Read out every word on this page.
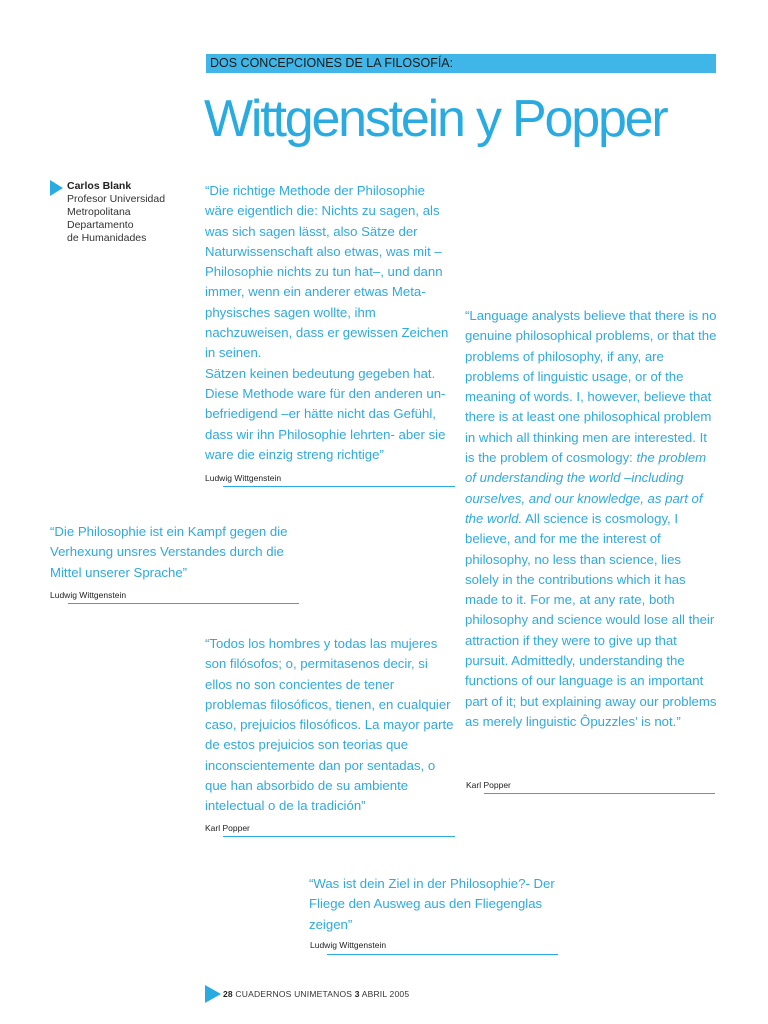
DOS CONCEPCIONES DE LA FILOSOFÍA:
Wittgenstein y Popper
Carlos Blank
Profesor Universidad
Metropolitana
Departamento
de Humanidades

“Die richtige Methode der Philosophie wäre eigentlich die: Nichts zu sagen, als was sich sagen lässt, also Sätze der Naturwissenschaft also etwas, was mit – Philosophie nichts zu tun hat–, und dann immer, wenn ein anderer etwas Meta-physisches sagen wollte, ihm nachzuweisen, dass er gewissen Zeichen in seinen.

Sätzen keinen bedeutung gegeben hat. Diese Methode ware für den anderen un-befriedigend –er hätte nicht das Gefühl, dass wir ihn Philosophie lehrten- aber sie ware die einzig streng richtige”

Ludwig Wittgenstein

“Die Philosophie ist ein Kampf gegen die Verhexung unsres Verstandes durch die Mittel unserer Sprache”

Ludwig Wittgenstein

“Todos los hombres y todas las mujeres son filósofos; o, permitasenos decir, si ellos no son concientes de tener problemas filosóficos, tienen, en cualquier caso, prejuicios filosóficos. La mayor parte de estos prejuicios son teorias que inconscientemente dan por sentadas, o que han absorbido de su ambiente intelectual o de la tradición”

Karl Popper

“Language analysts believe that there is no genuine philosophical problems, or that the problems of philosophy, if any, are problems of linguistic usage, or of the meaning of words. I, however, believe that there is at least one philosophical problem in which all thinking men are interested. It is the problem of cosmology: the problem of understanding the world –including ourselves, and our knowledge, as part of the world. All science is cosmology, I believe, and for me the interest of philosophy, no less than science, lies solely in the contributions which it has made to it. For me, at any rate, both philosophy and science would lose all their attraction if they were to give up that pursuit. Admittedly, understanding the functions of our language is an important part of it; but explaining away our problems as merely linguistic Ôpuzzles’ is not.”

Karl Popper

“Was ist dein Ziel in der Philosophie?- Der Fliege den Ausweg aus den Fliegenglas zeigen”

Ludwig Wittgenstein
28 CUADERNOS UNIMETANOS 3 ABRIL 2005
